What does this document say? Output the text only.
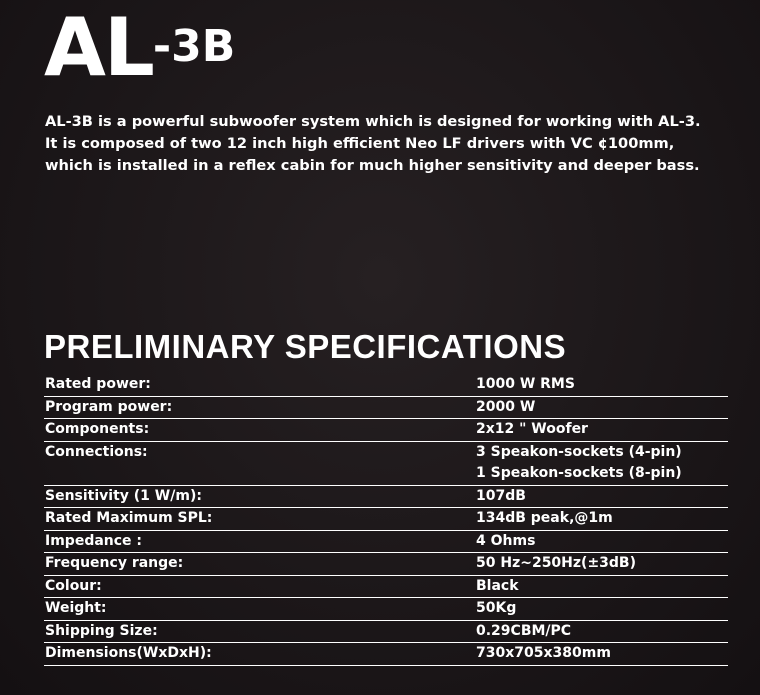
AL-3B

AL-3B is a powerful subwoofer system which is designed for working with AL-3.

It is composed of two 12 inch high efficient Neo LF drivers with VC ¢100mm,

which is installed in a reflex cabin for much higher sensitivity and deeper bass.

PRELIMINARY SPECIFICATIONS
Rated power:	1000 W RMS
Program power:	2000 W
Components:	2x12 " Woofer
Connections:	3 Speakon-sockets (4-pin)
1 Speakon-sockets (8-pin)
Sensitivity (1 W/m):	107dB
Rated Maximum SPL:	134dB peak,@1m
Impedance :	4 Ohms
Frequency range:	50 Hz~250Hz(±3dB)
Colour:	Black
Weight:	50Kg
Shipping Size:	0.29CBM/PC
Dimensions(WxDxH):	730x705x380mm
